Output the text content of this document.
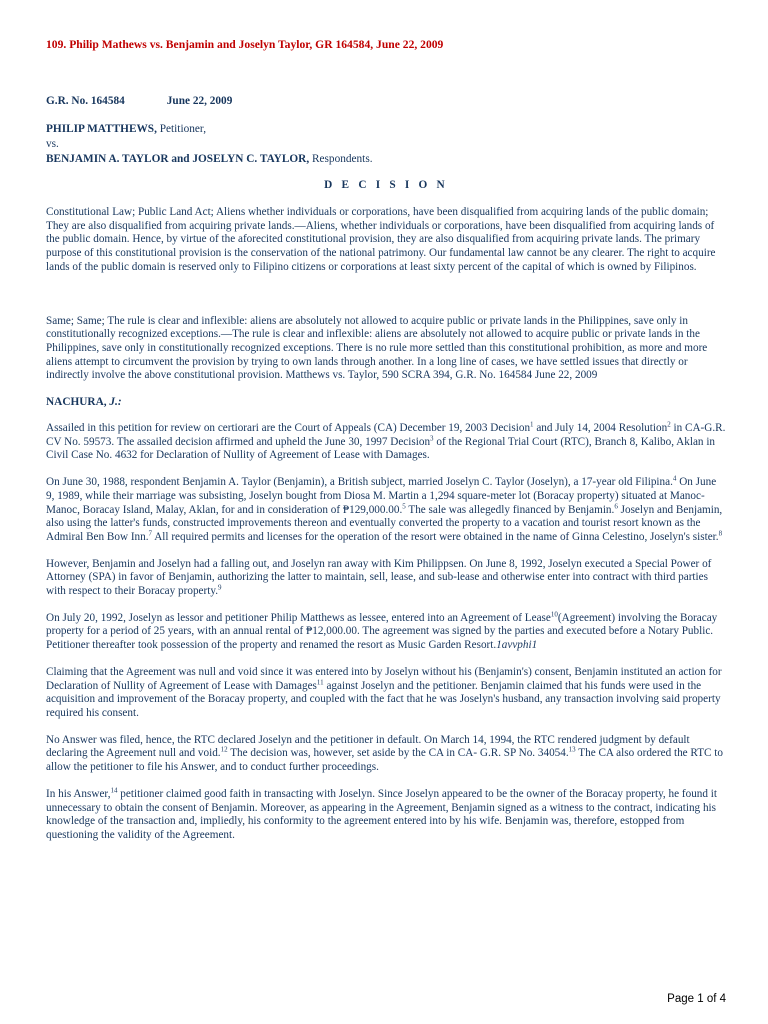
109. Philip Mathews vs. Benjamin and Joselyn Taylor, GR 164584, June 22, 2009
G.R. No. 164584	June 22, 2009
PHILIP MATTHEWS, Petitioner,
vs.
BENJAMIN A. TAYLOR and JOSELYN C. TAYLOR, Respondents.
D E C I S I O N

Constitutional Law; Public Land Act; Aliens whether individuals or corporations, have been disqualified from acquiring lands of the public domain; They are also disqualified from acquiring private lands.—Aliens, whether individuals or corporations, have been disqualified from acquiring lands of the public domain. Hence, by virtue of the aforecited constitutional provision, they are also disqualified from acquiring private lands. The primary purpose of this constitutional provision is the conservation of the national patrimony. Our fundamental law cannot be any clearer. The right to acquire lands of the public domain is reserved only to Filipino citizens or corporations at least sixty percent of the capital of which is owned by Filipinos.

Same; Same; The rule is clear and inflexible: aliens are absolutely not allowed to acquire public or private lands in the Philippines, save only in constitutionally recognized exceptions.—The rule is clear and inflexible: aliens are absolutely not allowed to acquire public or private lands in the Philippines, save only in constitutionally recognized exceptions. There is no rule more settled than this constitutional prohibition, as more and more aliens attempt to circumvent the provision by trying to own lands through another. In a long line of cases, we have settled issues that directly or indirectly involve the above constitutional provision. Matthews vs. Taylor, 590 SCRA 394, G.R. No. 164584 June 22, 2009

NACHURA, J.:

Assailed in this petition for review on certiorari are the Court of Appeals (CA) December 19, 2003 Decision$^1$ and July 14, 2004 Resolution$^2$ in CA-G.R. CV No. 59573. The assailed decision affirmed and upheld the June 30, 1997 Decision$^3$ of the Regional Trial Court (RTC), Branch 8, Kalibo, Aklan in Civil Case No. 4632 for Declaration of Nullity of Agreement of Lease with Damages.

On June 30, 1988, respondent Benjamin A. Taylor (Benjamin), a British subject, married Joselyn C. Taylor (Joselyn), a 17-year old Filipina.$^4$ On June 9, 1989, while their marriage was subsisting, Joselyn bought from Diosa M. Martin a 1,294 square-meter lot (Boracay property) situated at Manoc-Manoc, Boracay Island, Malay, Aklan, for and in consideration of ₱129,000.00.$^5$ The sale was allegedly financed by Benjamin.$^6$ Joselyn and Benjamin, also using the latter's funds, constructed improvements thereon and eventually converted the property to a vacation and tourist resort known as the Admiral Ben Bow Inn.$^7$ All required permits and licenses for the operation of the resort were obtained in the name of Ginna Celestino, Joselyn's sister.$^8$

However, Benjamin and Joselyn had a falling out, and Joselyn ran away with Kim Philippsen. On June 8, 1992, Joselyn executed a Special Power of Attorney (SPA) in favor of Benjamin, authorizing the latter to maintain, sell, lease, and sub-lease and otherwise enter into contract with third parties with respect to their Boracay property.$^9$

On July 20, 1992, Joselyn as lessor and petitioner Philip Matthews as lessee, entered into an Agreement of Lease$^{10}$(Agreement) involving the Boracay property for a period of 25 years, with an annual rental of ₱12,000.00. The agreement was signed by the parties and executed before a Notary Public. Petitioner thereafter took possession of the property and renamed the resort as Music Garden Resort.1avvphi1

Claiming that the Agreement was null and void since it was entered into by Joselyn without his (Benjamin's) consent, Benjamin instituted an action for Declaration of Nullity of Agreement of Lease with Damages$^{11}$ against Joselyn and the petitioner. Benjamin claimed that his funds were used in the acquisition and improvement of the Boracay property, and coupled with the fact that he was Joselyn's husband, any transaction involving said property required his consent.

No Answer was filed, hence, the RTC declared Joselyn and the petitioner in default. On March 14, 1994, the RTC rendered judgment by default declaring the Agreement null and void.$^{12}$ The decision was, however, set aside by the CA in CA- G.R. SP No. 34054.13 The CA also ordered the RTC to allow the petitioner to file his Answer, and to conduct further proceedings.

In his Answer,$^{14}$ petitioner claimed good faith in transacting with Joselyn. Since Joselyn appeared to be the owner of the Boracay property, he found it unnecessary to obtain the consent of Benjamin. Moreover, as appearing in the Agreement, Benjamin signed as a witness to the contract, indicating his knowledge of the transaction and, impliedly, his conformity to the agreement entered into by his wife. Benjamin was, therefore, estopped from questioning the validity of the Agreement.

Page 1 of 4
